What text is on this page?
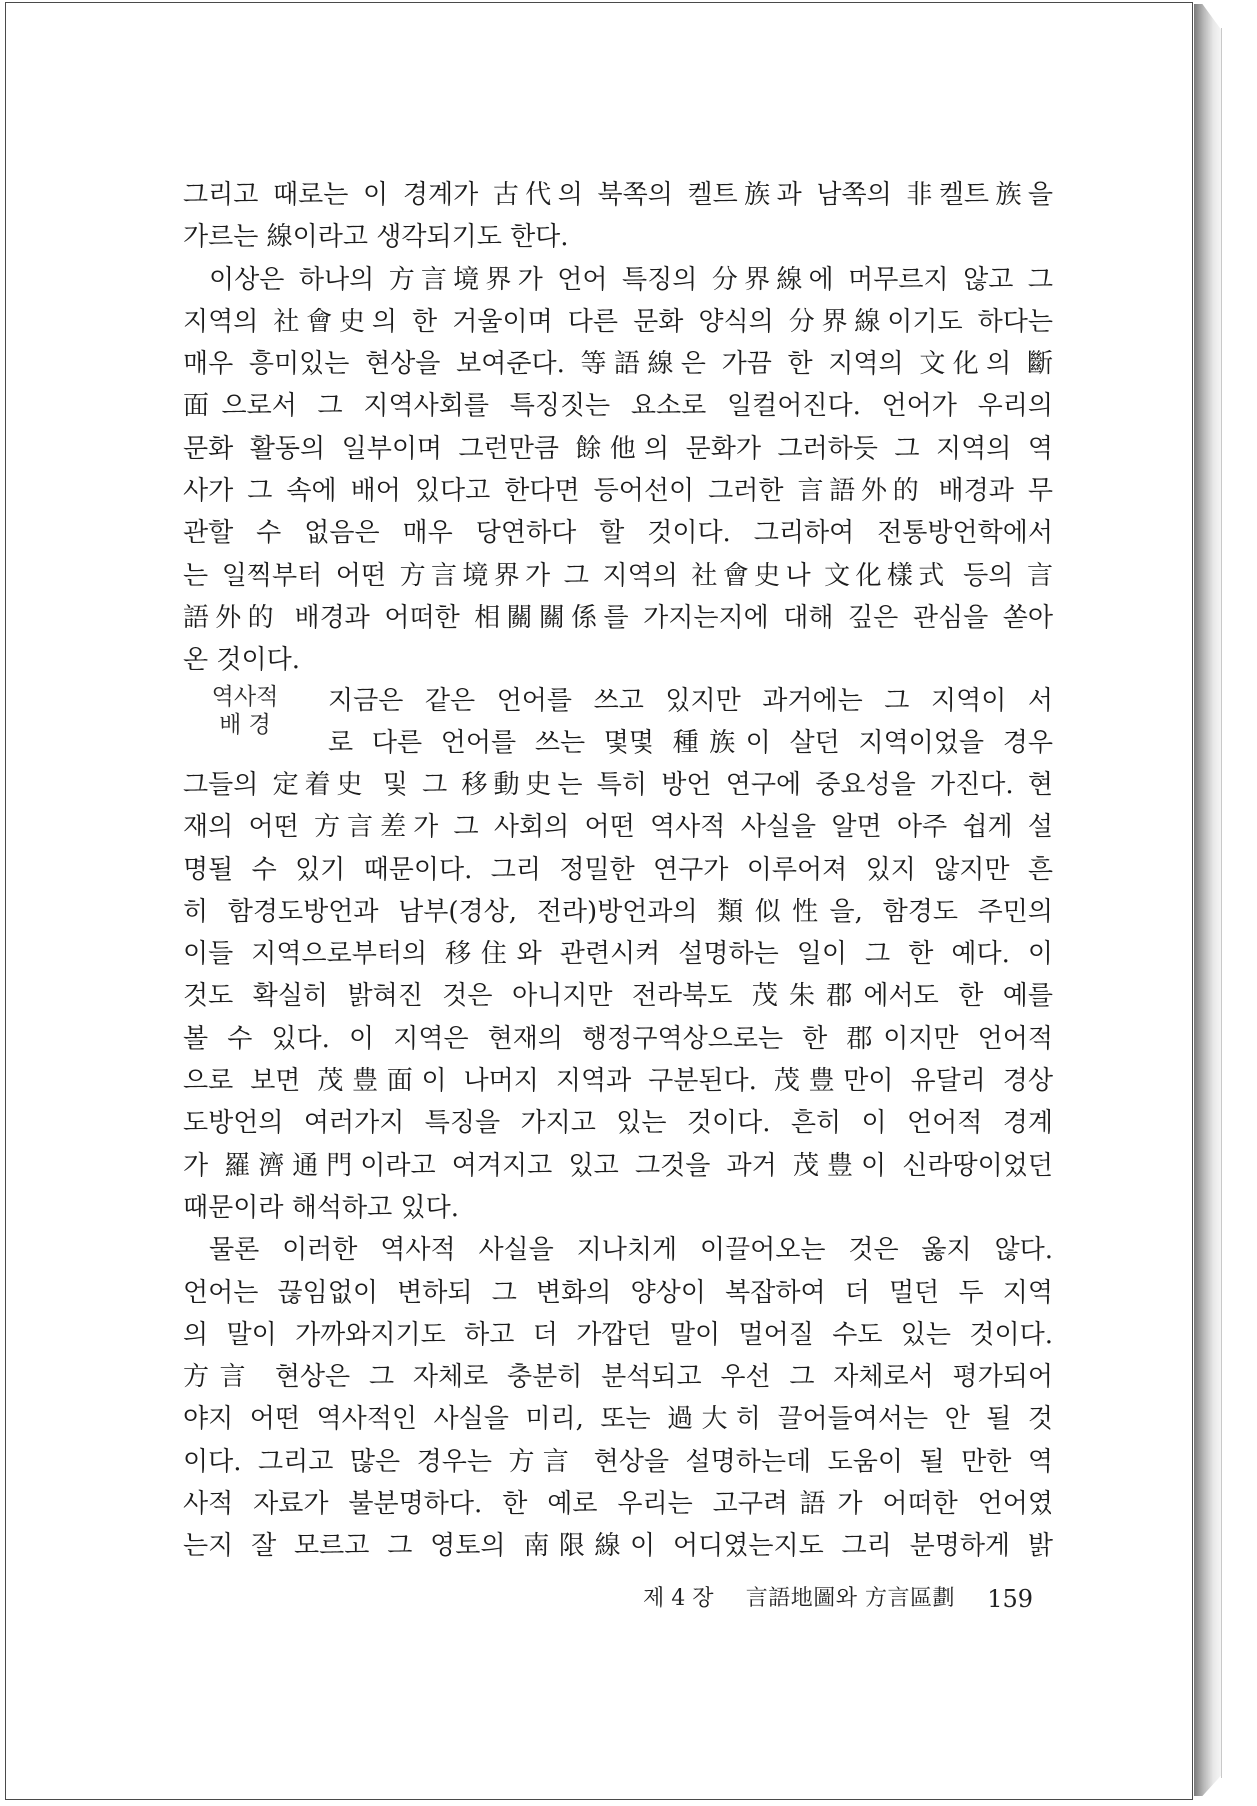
그리고 때로는 이 경계가 古代의 북쪽의 켈트族과 남쪽의 非켈트族을

가르는 線이라고 생각되기도 한다.

이상은 하나의 方言境界가 언어 특징의 分界線에 머무르지 않고 그

지역의 社會史의 한 거울이며 다른 문화 양식의 分界線이기도 하다는

매우 흥미있는 현상을 보여준다. 等語線은 가끔 한 지역의 文化의 斷

面으로서 그 지역사회를 특징짓는 요소로 일컬어진다. 언어가 우리의

문화 활동의 일부이며 그런만큼 餘他의 문화가 그러하듯 그 지역의 역

사가 그 속에 배어 있다고 한다면 등어선이 그러한 言語外的 배경과 무

관할 수 없음은 매우 당연하다 할 것이다. 그리하여 전통방언학에서

는 일찍부터 어떤 方言境界가 그 지역의 社會史나 文化樣式 등의 言

語外的 배경과 어떠한 相關關係를 가지는지에 대해 깊은 관심을 쏟아

온 것이다.

역사적
배 경
지금은 같은 언어를 쓰고 있지만 과거에는 그 지역이 서
로 다른 언어를 쓰는 몇몇 種族이 살던 지역이었을 경우

그들의 定着史 및 그 移動史는 특히 방언 연구에 중요성을 가진다. 현

재의 어떤 方言差가 그 사회의 어떤 역사적 사실을 알면 아주 쉽게 설

명될 수 있기 때문이다. 그리 정밀한 연구가 이루어져 있지 않지만 흔

히 함경도방언과 남부(경상, 전라)방언과의 類似性을, 함경도 주민의

이들 지역으로부터의 移住와 관련시켜 설명하는 일이 그 한 예다. 이

것도 확실히 밝혀진 것은 아니지만 전라북도 茂朱郡에서도 한 예를

볼 수 있다. 이 지역은 현재의 행정구역상으로는 한 郡이지만 언어적

으로 보면 茂豊面이 나머지 지역과 구분된다. 茂豊만이 유달리 경상

도방언의 여러가지 특징을 가지고 있는 것이다. 흔히 이 언어적 경계

가 羅濟通門이라고 여겨지고 있고 그것을 과거 茂豊이 신라땅이었던

때문이라 해석하고 있다.

물론 이러한 역사적 사실을 지나치게 이끌어오는 것은 옳지 않다.

언어는 끊임없이 변하되 그 변화의 양상이 복잡하여 더 멀던 두 지역

의 말이 가까와지기도 하고 더 가깝던 말이 멀어질 수도 있는 것이다.

方言 현상은 그 자체로 충분히 분석되고 우선 그 자체로서 평가되어

야지 어떤 역사적인 사실을 미리, 또는 過大히 끌어들여서는 안 될 것

이다. 그리고 많은 경우는 方言 현상을 설명하는데 도움이 될 만한 역

사적 자료가 불분명하다. 한 예로 우리는 고구려語가 어떠한 언어였

는지 잘 모르고 그 영토의 南限線이 어디였는지도 그리 분명하게 밝

제 4 장 言語地圖와 方言區劃 159
